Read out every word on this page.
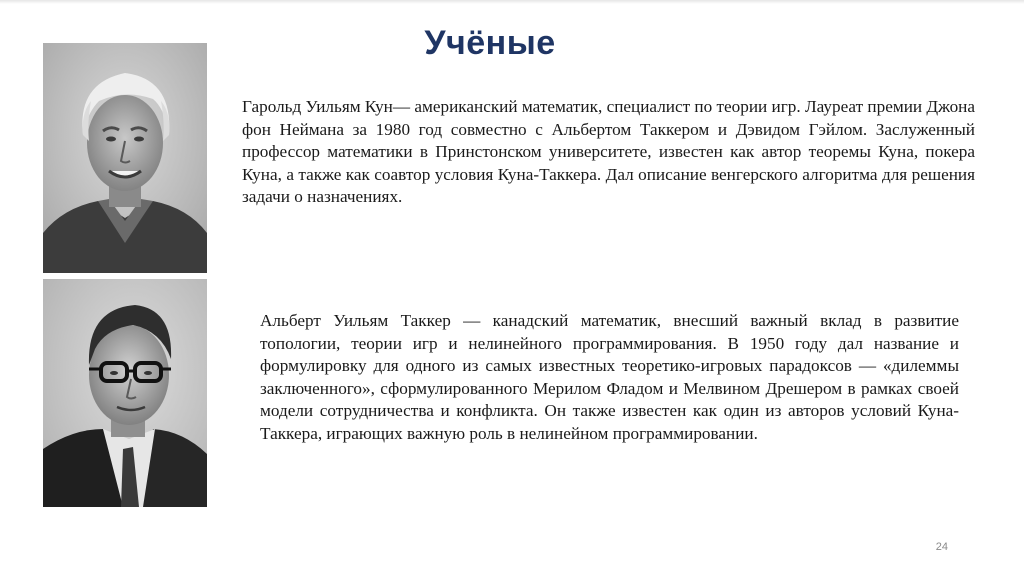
Учёные
Гарольд Уильям Кун— американский математик, специалист по теории игр. Лауреат премии Джона фон Неймана за 1980 год совместно с Альбертом Таккером и Дэвидом Гэйлом. Заслуженный профессор математики в Принстонском университете, известен как автор теоремы Куна, покера Куна, а также как соавтор условия Куна-Таккера. Дал описание венгерского алгоритма для решения задачи о назначениях.
Альберт Уильям Таккер — канадский математик, внесший важный вклад в развитие топологии, теории игр и нелинейного программирования. В 1950 году дал название и формулировку для одного из самых известных теоретико-игровых парадоксов — «дилеммы заключенного», сформулированного Мерилом Фладом и Мелвином Дрешером в рамках своей модели сотрудничества и конфликта. Он также известен как один из авторов условий Куна-Таккера, играющих важную роль в нелинейном программировании.
24
